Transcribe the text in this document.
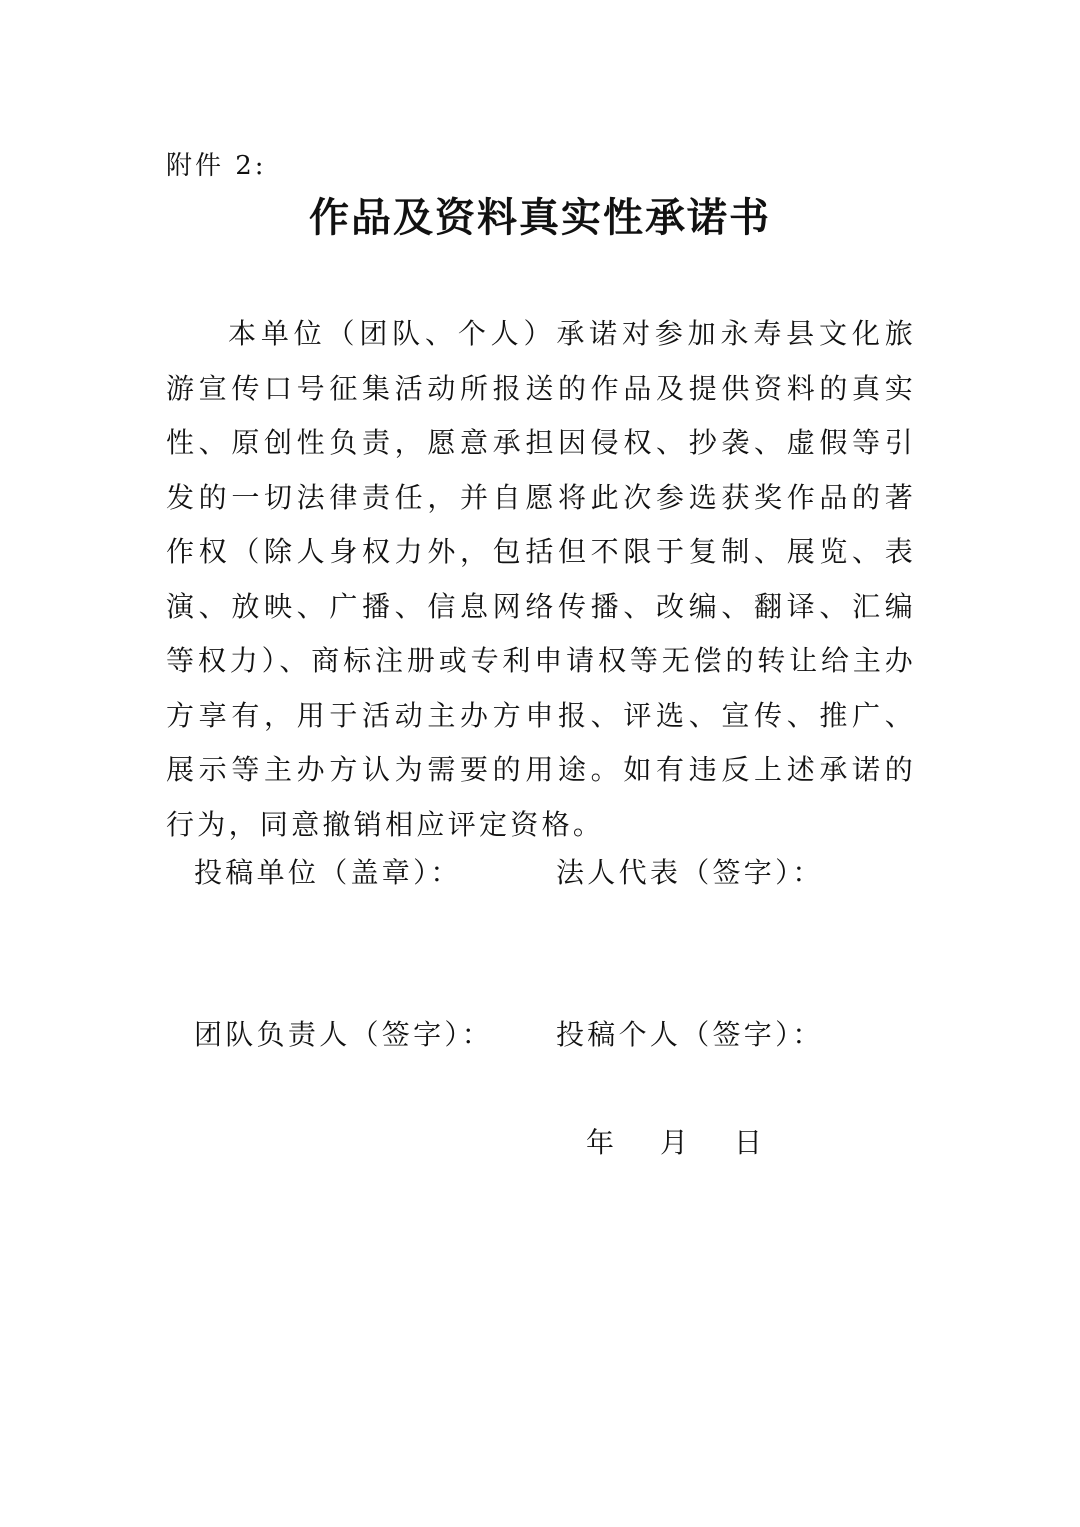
附件 2:
作品及资料真实性承诺书

本单位（团队、个人）承诺对参加永寿县文化旅游宣传口号征集活动所报送的作品及提供资料的真实性、原创性负责，愿意承担因侵权、抄袭、虚假等引发的一切法律责任，并自愿将此次参选获奖作品的著作权（除人身权力外，包括但不限于复制、展览、表演、放映、广播、信息网络传播、改编、翻译、汇编等权力）、商标注册或专利申请权等无偿的转让给主办方享有，用于活动主办方申报、评选、宣传、推广、展示等主办方认为需要的用途。如有违反上述承诺的行为，同意撤销相应评定资格。

投稿单位（盖章）：	法人代表（签字）：
团队负责人（签字）： 投稿个人（签字）：
年 月 日
